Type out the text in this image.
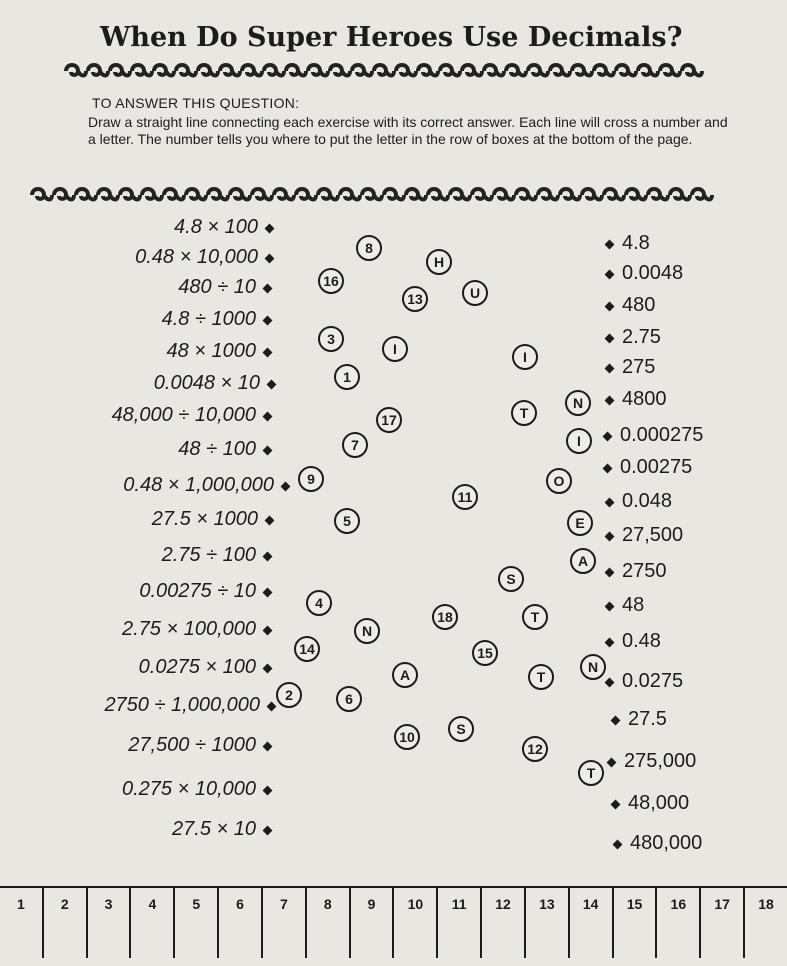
When Do Super Heroes Use Decimals?
TO ANSWER THIS QUESTION:
Draw a straight line connecting each exercise with its correct answer. Each line will cross a number and a letter. The number tells you where to put the letter in the row of boxes at the bottom of the page.
4.8 × 100
0.48 × 10,000
480 ÷ 10
4.8 ÷ 1000
48 × 1000
0.0048 × 10
48,000 ÷ 10,000
48 ÷ 100
0.48 × 1,000,000
27.5 × 1000
2.75 ÷ 100
0.00275 ÷ 10
2.75 × 100,000
0.0275 × 100
2750 ÷ 1,000,000
27,500 ÷ 1000
0.275 × 10,000
27.5 × 10
4.8
0.0048
480
2.75
275
4800
0.000275
0.00275
0.048
27,500
2750
48
0.48
0.0275
27.5
275,000
48,000
480,000
8
H
16
U
13
3
I	I
1
N
17	T
I
7
9	O
11
5	E
A
S
4
18	T
N
14	15
A	T
N
2	6
10	S
12
T
1	2	3	4	5	6	7	8	9	10	11	12	13	14	15	16	17	18
